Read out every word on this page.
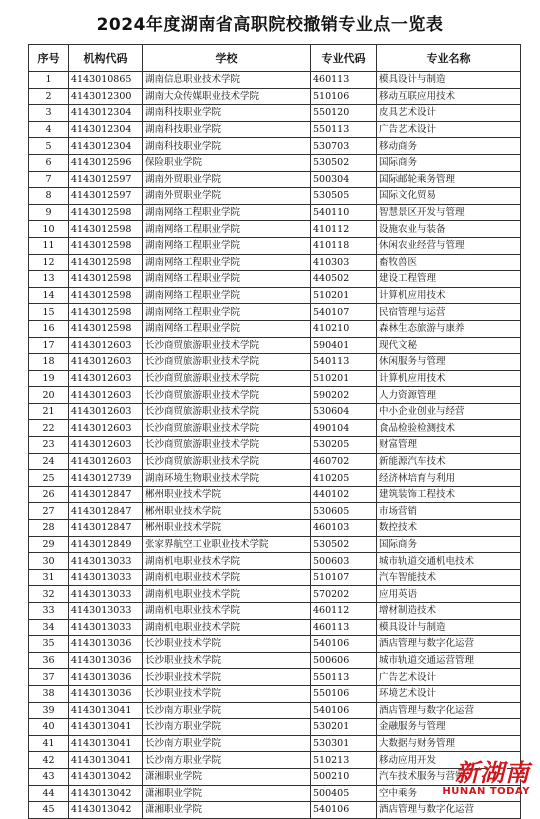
2024年度湖南省高职院校撤销专业点一览表
序号	机构代码	学校	专业代码	专业名称
1	4143010865	湖南信息职业技术学院	460113	模具设计与制造
2	4143012300	湖南大众传媒职业技术学院	510106	移动互联应用技术
3	4143012304	湖南科技职业学院	550120	皮具艺术设计
4	4143012304	湖南科技职业学院	550113	广告艺术设计
5	4143012304	湖南科技职业学院	530703	移动商务
6	4143012596	保险职业学院	530502	国际商务
7	4143012597	湖南外贸职业学院	500304	国际邮轮乘务管理
8	4143012597	湖南外贸职业学院	530505	国际文化贸易
9	4143012598	湖南网络工程职业学院	540110	智慧景区开发与管理
10	4143012598	湖南网络工程职业学院	410112	设施农业与装备
11	4143012598	湖南网络工程职业学院	410118	休闲农业经营与管理
12	4143012598	湖南网络工程职业学院	410303	畜牧兽医
13	4143012598	湖南网络工程职业学院	440502	建设工程管理
14	4143012598	湖南网络工程职业学院	510201	计算机应用技术
15	4143012598	湖南网络工程职业学院	540107	民宿管理与运营
16	4143012598	湖南网络工程职业学院	410210	森林生态旅游与康养
17	4143012603	长沙商贸旅游职业技术学院	590401	现代文秘
18	4143012603	长沙商贸旅游职业技术学院	540113	休闲服务与管理
19	4143012603	长沙商贸旅游职业技术学院	510201	计算机应用技术
20	4143012603	长沙商贸旅游职业技术学院	590202	人力资源管理
21	4143012603	长沙商贸旅游职业技术学院	530604	中小企业创业与经营
22	4143012603	长沙商贸旅游职业技术学院	490104	食品检验检测技术
23	4143012603	长沙商贸旅游职业技术学院	530205	财富管理
24	4143012603	长沙商贸旅游职业技术学院	460702	新能源汽车技术
25	4143012739	湖南环境生物职业技术学院	410205	经济林培育与利用
26	4143012847	郴州职业技术学院	440102	建筑装饰工程技术
27	4143012847	郴州职业技术学院	530605	市场营销
28	4143012847	郴州职业技术学院	460103	数控技术
29	4143012849	张家界航空工业职业技术学院	530502	国际商务
30	4143013033	湖南机电职业技术学院	500603	城市轨道交通机电技术
31	4143013033	湖南机电职业技术学院	510107	汽车智能技术
32	4143013033	湖南机电职业技术学院	570202	应用英语
33	4143013033	湖南机电职业技术学院	460112	增材制造技术
34	4143013033	湖南机电职业技术学院	460113	模具设计与制造
35	4143013036	长沙职业技术学院	540106	酒店管理与数字化运营
36	4143013036	长沙职业技术学院	500606	城市轨道交通运营管理
37	4143013036	长沙职业技术学院	550113	广告艺术设计
38	4143013036	长沙职业技术学院	550106	环境艺术设计
39	4143013041	长沙南方职业学院	540106	酒店管理与数字化运营
40	4143013041	长沙南方职业学院	530201	金融服务与管理
41	4143013041	长沙南方职业学院	530301	大数据与财务管理
42	4143013041	长沙南方职业学院	510213	移动应用开发
43	4143013042	潇湘职业学院	500210	汽车技术服务与营销
44	4143013042	潇湘职业学院	500405	空中乘务
45	4143013042	潇湘职业学院	540106	酒店管理与数字化运营
新湖南
HUNAN TODAY
